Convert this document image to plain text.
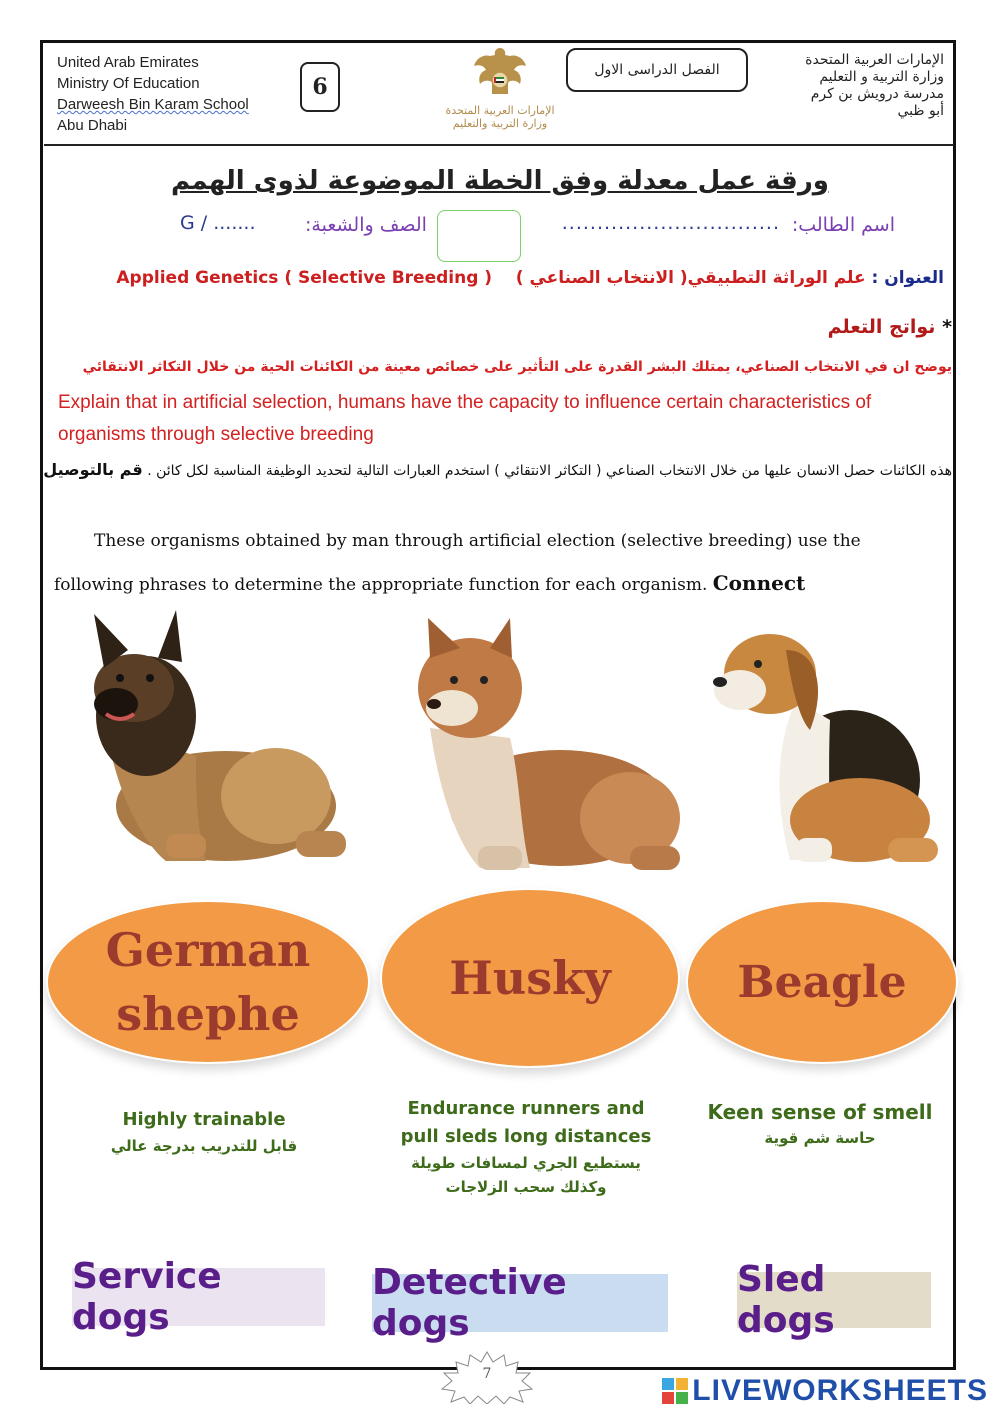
United Arab Emirates
Ministry Of Education
Darweesh Bin Karam School
Abu Dhabi
6
الإمارات العربية المتحدة
وزارة التربية والتعليم
الفصل الدراسى الاول
الإمارات العربية المتحدة
وزارة التربية و التعليم
مدرسة درويش بن كرم
أبو ظبي
ورقة عمل معدلة وفق الخطة الموضوعة لذوى الهمم
اسم الطالب:
...............................
الصف والشعبة:
G / .......
العنوان : علم الوراثة التطبيقي( الانتخاب الصناعي )    Applied Genetics ( Selective Breeding )
* نواتج التعلم
يوضح ان في الانتخاب الصناعي، يمتلك البشر القدرة على التأثير على خصائص معينة من الكائنات الحية من خلال التكاثر الانتقائي
Explain that in artificial selection, humans have the capacity to influence certain characteristics of organisms through selective breeding
هذه الكائنات حصل الانسان عليها من خلال الانتخاب الصناعي ( التكاثر الانتقائي ) استخدم العبارات التالية لتحديد الوظيفة المناسبة لكل كائن . قم بالتوصيل
These organisms obtained by man through artificial election (selective breeding) use the
following phrases to determine the appropriate function for each organism. Connect
German
shephe
Husky	Beagle
Highly trainable
قابل للتدريب بدرجة عالي
Endurance runners and
pull sleds long distances
يستطيع الجري لمسافات طويلة
وكذلك سحب الزلاجات
Keen sense of smell
حاسة شم قوية
Service dogs
Detective dogs
Sled dogs
7	LIVEWORKSHEETS
